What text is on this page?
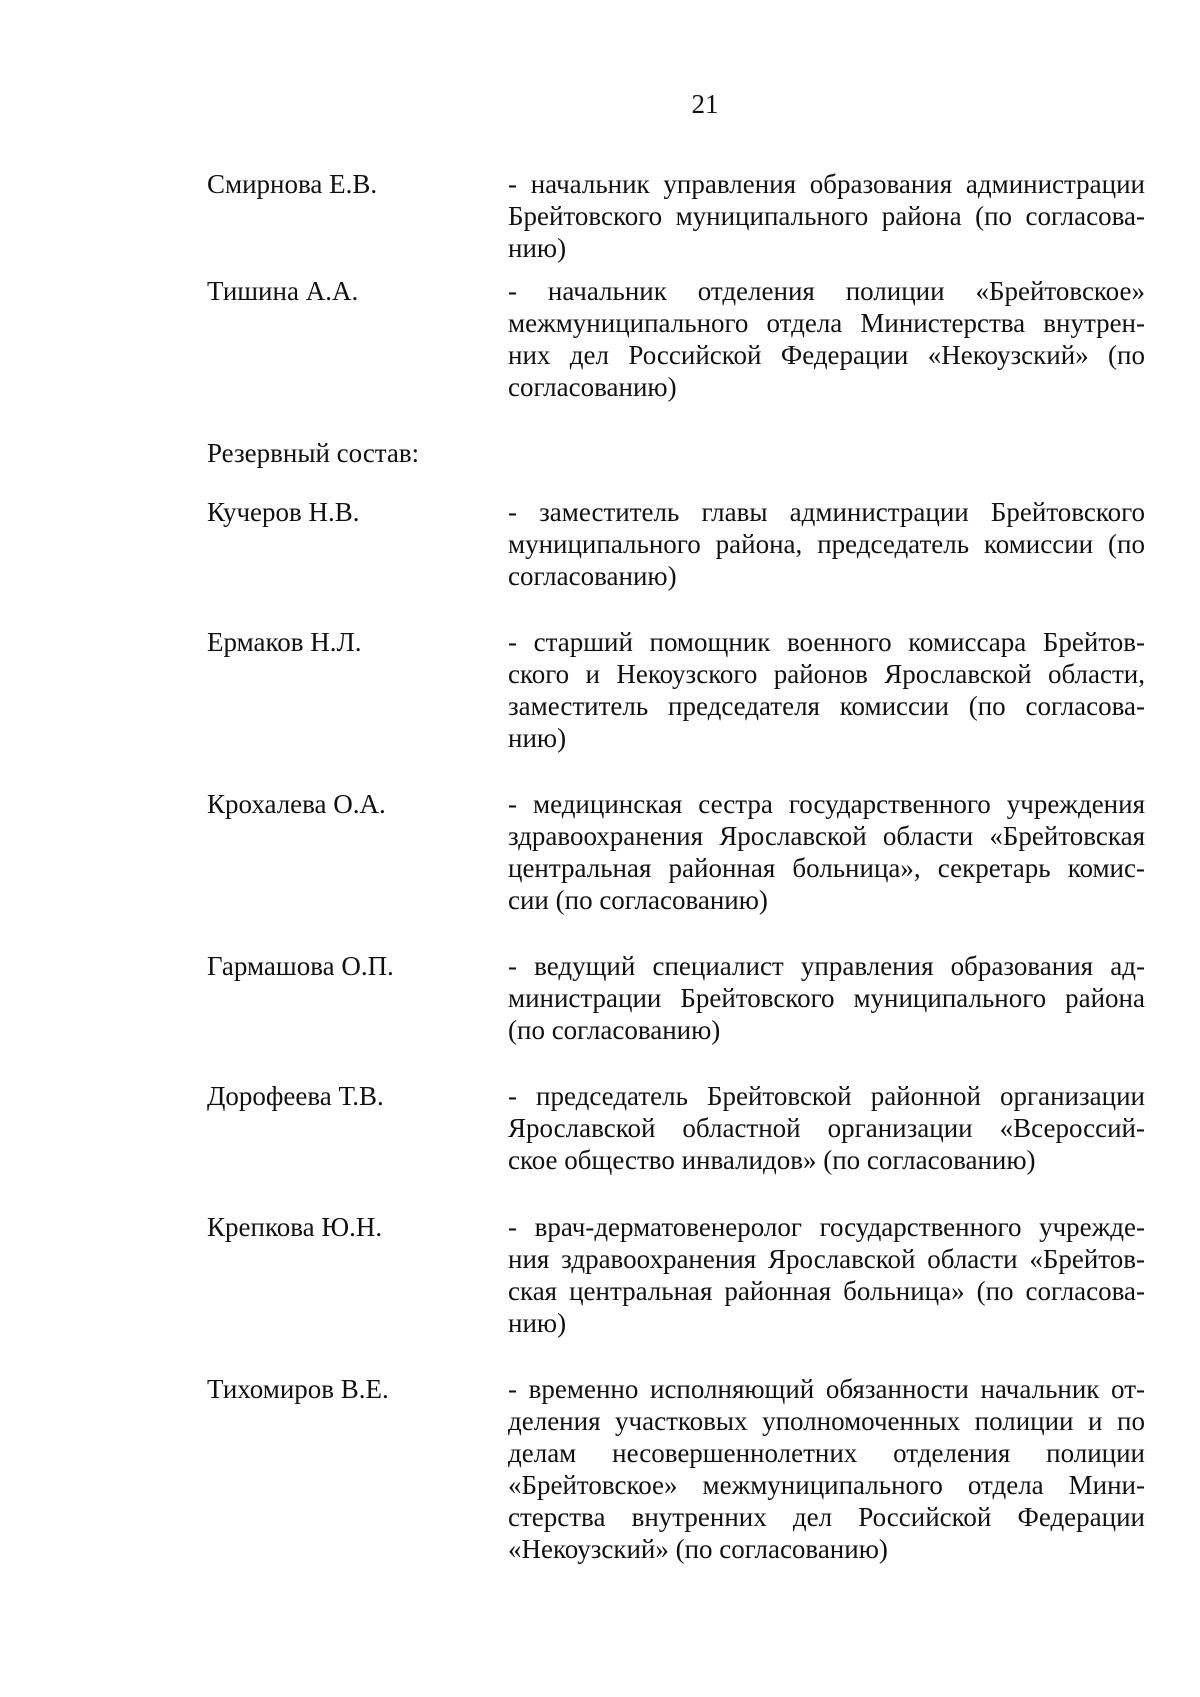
21
Смирнова Е.В.	- начальник управления образования администрации
Брейтовского муниципального района (по согласова-
нию)
Тишина А.А.	- начальник отделения полиции «Брейтовское»
межмуниципального отдела Министерства внутрен-
них дел Российской Федерации «Некоузский» (по
согласованию)
Резервный состав:
Кучеров Н.В.	- заместитель главы администрации Брейтовского
муниципального района, председатель комиссии (по
согласованию)
Ермаков Н.Л.	- старший помощник военного комиссара Брейтов-
ского и Некоузского районов Ярославской области,
заместитель председателя комиссии (по согласова-
нию)
Крохалева О.А.	- медицинская сестра государственного учреждения
здравоохранения Ярославской области «Брейтовская
центральная районная больница», секретарь комис-
сии (по согласованию)
Гармашова О.П.	- ведущий специалист управления образования ад-
министрации Брейтовского муниципального района
(по согласованию)
Дорофеева Т.В.	- председатель Брейтовской районной организации
Ярославской областной организации «Всероссий-
ское общество инвалидов» (по согласованию)
Крепкова Ю.Н.	- врач-дерматовенеролог государственного учрежде-
ния здравоохранения Ярославской области «Брейтов-
ская центральная районная больница» (по согласова-
нию)
Тихомиров В.Е.	- временно исполняющий обязанности начальник от-
деления участковых уполномоченных полиции и по
делам несовершеннолетних отделения полиции
«Брейтовское» межмуниципального отдела Мини-
стерства внутренних дел Российской Федерации
«Некоузский» (по согласованию)
